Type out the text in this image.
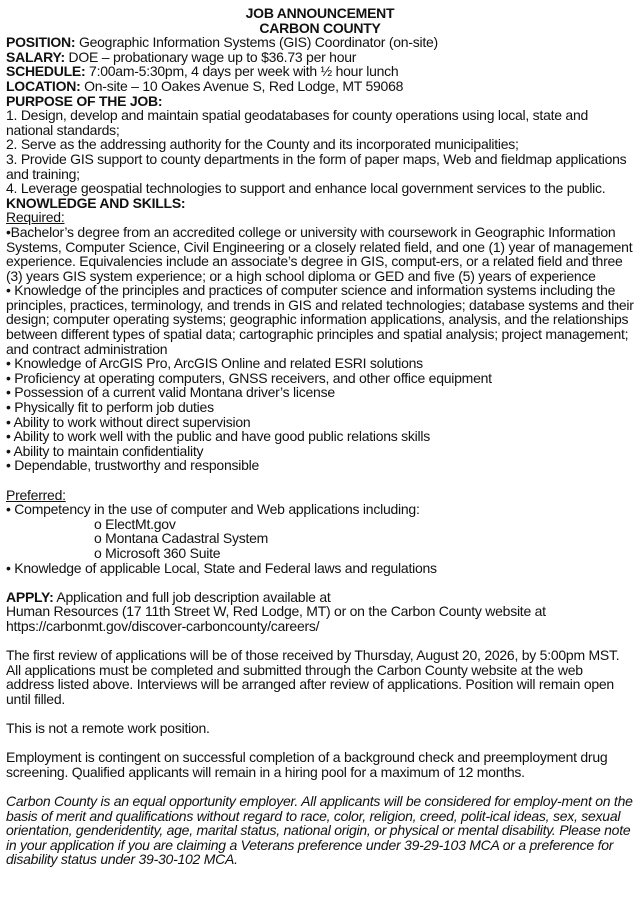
JOB ANNOUNCEMENT
CARBON COUNTY
POSITION: Geographic Information Systems (GIS) Coordinator (on-site)
SALARY: DOE – probationary wage up to $36.73 per hour
SCHEDULE: 7:00am-5:30pm, 4 days per week with ½ hour lunch
LOCATION: On-site – 10 Oakes Avenue S, Red Lodge, MT 59068
PURPOSE OF THE JOB:

1. Design, develop and maintain spatial geodatabases for county operations using local, state and national standards;

2. Serve as the addressing authority for the County and its incorporated municipalities;

3. Provide GIS support to county departments in the form of paper maps, Web and fieldmap applications and training;

4. Leverage geospatial technologies to support and enhance local government services to the public.

KNOWLEDGE AND SKILLS:
Required:

•Bachelor’s degree from an accredited college or university with coursework in Geographic Information Systems, Computer Science, Civil Engineering or a closely related field, and one (1) year of management experience. Equivalencies include an associate’s degree in GIS, comput-ers, or a related field and three (3) years GIS system experience; or a high school diploma or GED and five (5) years of experience

• Knowledge of the principles and practices of computer science and information systems including the principles, practices, terminology, and trends in GIS and related technologies; database systems and their design; computer operating systems; geographic information applications, analysis, and the relationships between different types of spatial data; cartographic principles and spatial analysis; project management; and contract administration

• Knowledge of ArcGIS Pro, ArcGIS Online and related ESRI solutions

• Proficiency at operating computers, GNSS receivers, and other office equipment

• Possession of a current valid Montana driver’s license

• Physically fit to perform job duties

• Ability to work without direct supervision

• Ability to work well with the public and have good public relations skills

• Ability to maintain confidentiality

• Dependable, trustworthy and responsible

Preferred:

• Competency in the use of computer and Web applications including:

o ElectMt.gov
o Montana Cadastral System
o Microsoft 360 Suite

• Knowledge of applicable Local, State and Federal laws and regulations

APPLY: Application and full job description available at
Human Resources (17 11th Street W, Red Lodge, MT) or on the Carbon County website at
https://carbonmt.gov/discover-carboncounty/careers/

The first review of applications will be of those received by Thursday, August 20, 2026, by 5:00pm MST. All applications must be completed and submitted through the Carbon County website at the web address listed above. Interviews will be arranged after review of applications. Position will remain open until filled.

This is not a remote work position.

Employment is contingent on successful completion of a background check and preemployment drug screening. Qualified applicants will remain in a hiring pool for a maximum of 12 months.

Carbon County is an equal opportunity employer. All applicants will be considered for employ-ment on the basis of merit and qualifications without regard to race, color, religion, creed, polit-ical ideas, sex, sexual orientation, genderidentity, age, marital status, national origin, or physical or mental disability. Please note in your application if you are claiming a Veterans preference under 39-29-103 MCA or a preference for disability status under 39-30-102 MCA.
